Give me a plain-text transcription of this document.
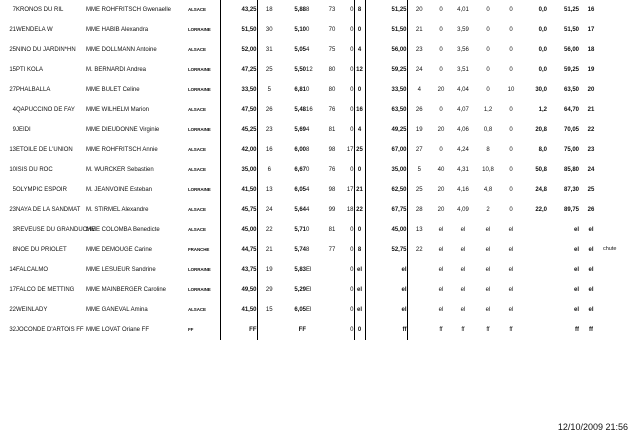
7	KRONOS DU RIL	MME ROHFRITSCH Gwenaelle	ALSACE	43,25	18	5,88	8	73	0	8	51,25	20	0	4,01	0	0	0,0	51,25	16	
21	WENDELA W	MME HABIB Alexandra	LORRAINE	51,50	30	5,10	0	70	0	0	51,50	21	0	3,59	0	0	0,0	51,50	17	
25	NINO DU JARDIN*HN	MME DOLLMANN Antoine	ALSACE	52,00	31	5,05	4	75	0	4	56,00	23	0	3,56	0	0	0,0	56,00	18	
15	PTI KOLA	M. BERNARDI Andrea	LORRAINE	47,25	25	5,50	12	80	0	12	59,25	24	0	3,51	0	0	0,0	59,25	19	
27	PHALBALLA	MME BULET Celine	LORRAINE	33,50	5	6,81	0	80	0	0	33,50	4	20	4,04	0	10	30,0	63,50	20	
4	QAPUCCINO DE FAY	MME WILHELM Marion	ALSACE	47,50	26	5,48	16	76	0	16	63,50	26	0	4,07	1,2	0	1,2	64,70	21	
9	JEIDI	MME DIEUDONNE Virginie	LORRAINE	45,25	23	5,69	4	81	0	4	49,25	19	20	4,06	0,8	0	20,8	70,05	22	
13	ETOILE DE L'UNION	MME ROHFRITSCH Annie	ALSACE	42,00	16	6,00	8	98	17	25	67,00	27	0	4,24	8	0	8,0	75,00	23	
10	ISIS DU ROC	M. WURCKER Sebastien	ALSACE	35,00	6	6,67	0	76	0	0	35,00	5	40	4,31	10,8	0	50,8	85,80	24	
5	OLYMPIC ESPOIR	M. JEANVOINE Esteban	LORRAINE	41,50	13	6,05	4	98	17	21	62,50	25	20	4,16	4,8	0	24,8	87,30	25	
23	NAYA DE LA SANDMAT	M. STIRMEL Alexandre	ALSACE	45,75	24	5,64	4	99	18	22	67,75	28	20	4,09	2	0	22,0	89,75	26	
3	REVEUSE DU GRANDUCHE	MME COLOMBA Benedicte	ALSACE	45,00	22	5,71	0	81	0	0	45,00	13	el	el	el	el		el	el	
8	NOE DU PRIOLET	MME DEMOUGE Carine	FRANCHE	44,75	21	5,74	8	77	0	8	52,75	22	el	el	el	el		el	el	chute
14	FALCALMO	MME LESUEUR Sandrine	LORRAINE	43,75	19	5,83	El		0	el	el		el	el	el	el		el	el	
17	FALCO DE METTING	MME MAINBERGER Caroline	LORRAINE	49,50	29	5,29	El		0	el	el		el	el	el	el		el	el	
22	WEINLADY	MME GANEVAL Amina	ALSACE	41,50	15	6,05	El		0	el	el		el	el	el	el		el	el	
32	JOCONDE D'ARTOIS FF	MME LOVAT Oriane FF	FF	FF		FF			0	0	ff		ff	ff	ff	ff		ff	ff	
12/10/2009 21:56
